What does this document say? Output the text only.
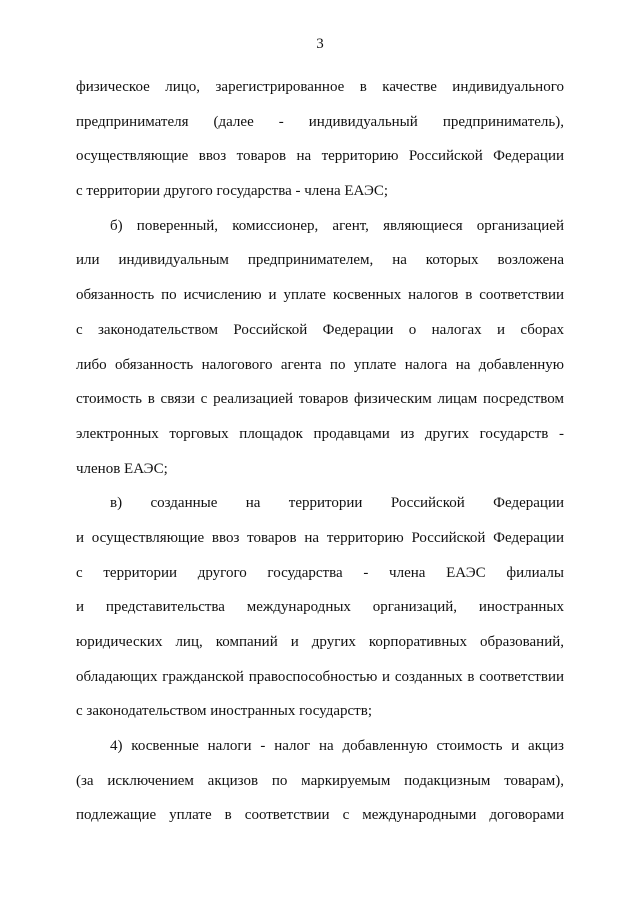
3
физическое лицо, зарегистрированное в качестве индивидуального
предпринимателя (далее - индивидуальный предприниматель),
осуществляющие ввоз товаров на территорию Российской Федерации
с территории другого государства - члена ЕАЭС;
б) поверенный, комиссионер, агент, являющиеся организацией
или индивидуальным предпринимателем, на которых возложена
обязанность по исчислению и уплате косвенных налогов в соответствии
с законодательством Российской Федерации о налогах и сборах
либо обязанность налогового агента по уплате налога на добавленную
стоимость в связи с реализацией товаров физическим лицам посредством
электронных торговых площадок продавцами из других государств -
членов ЕАЭС;
в) созданные на территории Российской Федерации
и осуществляющие ввоз товаров на территорию Российской Федерации
с территории другого государства - члена ЕАЭС филиалы
и представительства международных организаций, иностранных
юридических лиц, компаний и других корпоративных образований,
обладающих гражданской правоспособностью и созданных в соответствии
с законодательством иностранных государств;
4) косвенные налоги - налог на добавленную стоимость и акциз
(за исключением акцизов по маркируемым подакцизным товарам),
подлежащие уплате в соответствии с международными договорами
